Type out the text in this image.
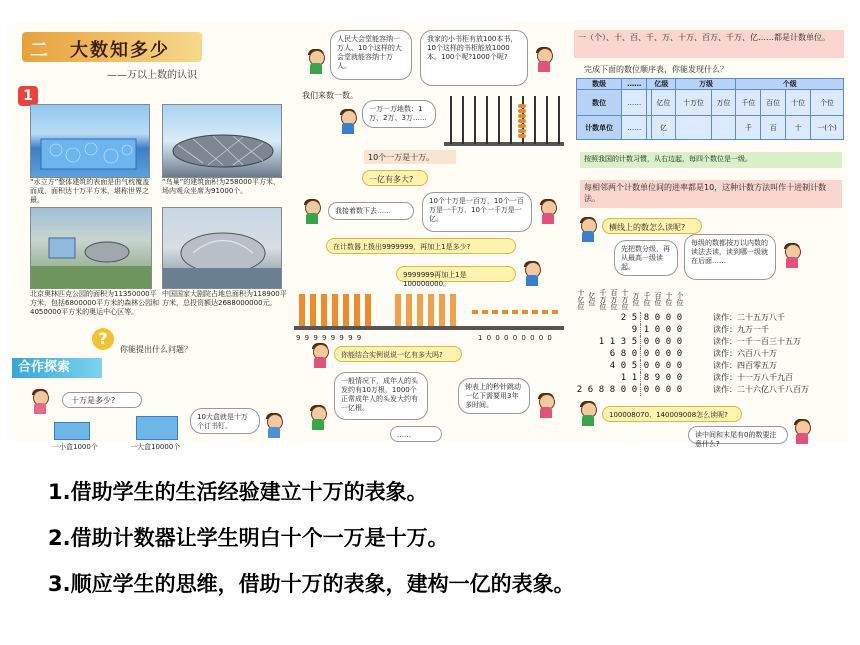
二 大数知多少
——万以上数的认识
1
“水立方”整体建筑的表面是由气枕覆盖而成，面积达十万平方米，堪称世界之最。
“鸟巢”的建筑面积为258000平方米，场内观众坐席为91000个。
北京奥林匹克公园的面积为11350000平方米，包括6800000平方米的森林公园和4050000平方米的奥运中心区等。
中国国家大剧院占地总面积为118900平方米，总投资额达2688000000元。
?
你能提出什么问题？
合作探索
十万是多少?
一小盒1000个	一大盒10000个
10大盒就是十万个订书钉。
人民大会堂能容纳一万人，10个这样的大会堂就能容纳十万人。
我家的小书柜有放100本书，10个这样的书柜能放1000本。100个呢?1000个呢?
我们来数一数。
一万一万地数：1万、2万、3万……
10个一万是十万。
一亿有多大?
我接着数下去……
10个十万是一百万，10个一百万是一千万，10个一千万是一亿。
在计数器上拨出9999999，再加上1是多少?
9999999再加上1是100000000。
9 9 9 9 9 9 9 9	1 0 0 0 0 0 0 0 0
你能结合实例说说一亿有多大吗?
一般情况下，成年人的头发约有10万根，1000个正常成年人的头发大约有一亿根。
钟表上的秒针跳动一亿下需要用3年多时间。
……
一（个）、十、百、千、万、十万、百万、千万、亿……都是计数单位。
完成下面的数位顺序表，你能发现什么？
数级	……	亿级		万级		个级			
数位	……		亿位	十万位	万位	千位	百位	十位	个位
计数单位	……		亿			千	百	十	一(个)
按照我国的计数习惯，从右边起，每四个数位是一级。
每相邻两个计数单位间的进率都是10，这种计数方法叫作十进制计数法。
横线上的数怎么读呢?
先把数分级，再从最高一级读起。
每级的数都按万以内数的读法去读，读到哪一级就在后面……
十亿位 亿位 千万位 百万位 十万位 万位 千位 百位 十位 个位
2 5 8 0 0 0	读作：二十五万八千
9 1 0 0 0	读作：九万一千
1 1 3 5 0 0 0 0	读作：一千一百三十五万
6 8 0 0 0 0 0	读作：六百八十万
4 0 5 0 0 0 0	读作：四百零五万
1 1 8 9 0 0	读作：十一万八千九百
2 6 8 8 0 0 0 0 0 0	读作：二十六亿八千八百万
100008070、140009008怎么读呢?
读中间和末尾有0的数要注意什么?
1.借助学生的生活经验建立十万的表象。
2.借助计数器让学生明白十个一万是十万。
3.顺应学生的思维，借助十万的表象，建构一亿的表象。
